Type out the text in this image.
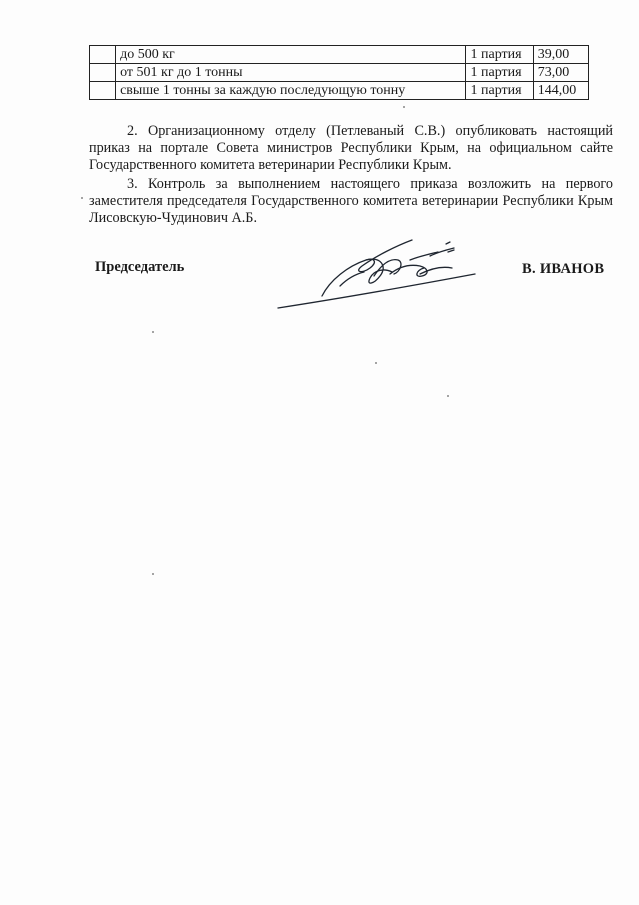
	до 500 кг	1 партия	39,00
	от 501 кг до 1 тонны	1 партия	73,00
	свыше 1 тонны за каждую последующую тонну	1 партия	144,00

2. Организационному отделу (Петлеваный С.В.) опубликовать настоящий приказ на портале Совета министров Республики Крым, на официальном сайте Государственного комитета ветеринарии Республики Крым.

3. Контроль за выполнением настоящего приказа возложить на первого заместителя председателя Государственного комитета ветеринарии Республики Крым Лисовскую-Чудинович А.Б.

Председатель	В. ИВАНОВ
